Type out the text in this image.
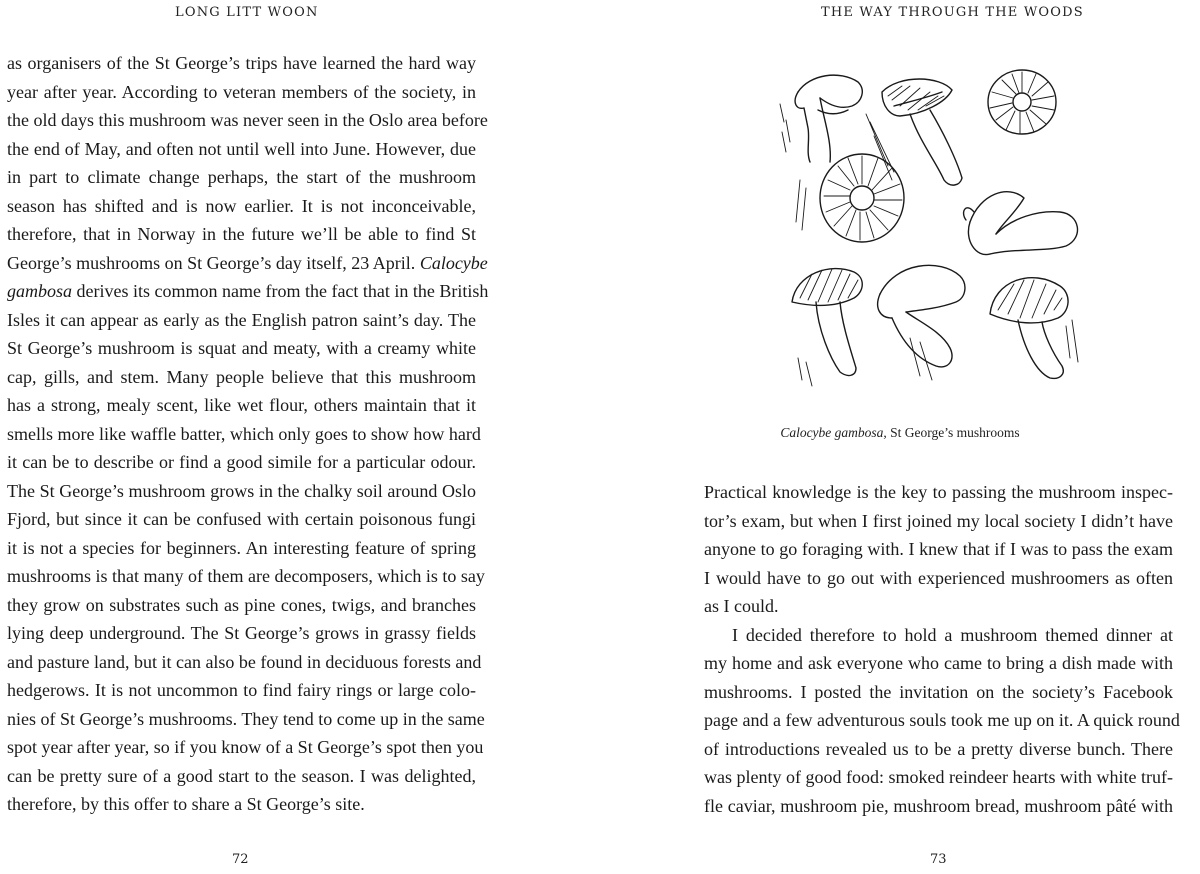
LONG LITT WOON
as organisers of the St George’s trips have learned the hard way
year after year. According to veteran members of the society, in
the old days this mushroom was never seen in the Oslo area before
the end of May, and often not until well into June. However, due
in part to climate change perhaps, the start of the mushroom
season has shifted and is now earlier. It is not inconceivable,
therefore, that in Norway in the future we’ll be able to find St
George’s mushrooms on St George’s day itself, 23 April. Calocybe
gambosa derives its common name from the fact that in the British
Isles it can appear as early as the English patron saint’s day. The
St George’s mushroom is squat and meaty, with a creamy white
cap, gills, and stem. Many people believe that this mushroom
has a strong, mealy scent, like wet flour, others maintain that it
smells more like waffle batter, which only goes to show how hard
it can be to describe or find a good simile for a particular odour.
The St George’s mushroom grows in the chalky soil around Oslo
Fjord, but since it can be confused with certain poisonous fungi
it is not a species for beginners. An interesting feature of spring
mushrooms is that many of them are decomposers, which is to say
they grow on substrates such as pine cones, twigs, and branches
lying deep underground. The St George’s grows in grassy fields
and pasture land, but it can also be found in deciduous forests and
hedgerows. It is not uncommon to find fairy rings or large colo-
nies of St George’s mushrooms. They tend to come up in the same
spot year after year, so if you know of a St George’s spot then you
can be pretty sure of a good start to the season. I was delighted,
therefore, by this offer to share a St George’s site.
72
THE WAY THROUGH THE WOODS
Calocybe gambosa, St George’s mushrooms
Practical knowledge is the key to passing the mushroom inspec-
tor’s exam, but when I first joined my local society I didn’t have
anyone to go foraging with. I knew that if I was to pass the exam
I would have to go out with experienced mushroomers as often
as I could.
I decided therefore to hold a mushroom themed dinner at
my home and ask everyone who came to bring a dish made with
mushrooms. I posted the invitation on the society’s Facebook
page and a few adventurous souls took me up on it. A quick round
of introductions revealed us to be a pretty diverse bunch. There
was plenty of good food: smoked reindeer hearts with white truf-
fle caviar, mushroom pie, mushroom bread, mushroom pâté with
73
